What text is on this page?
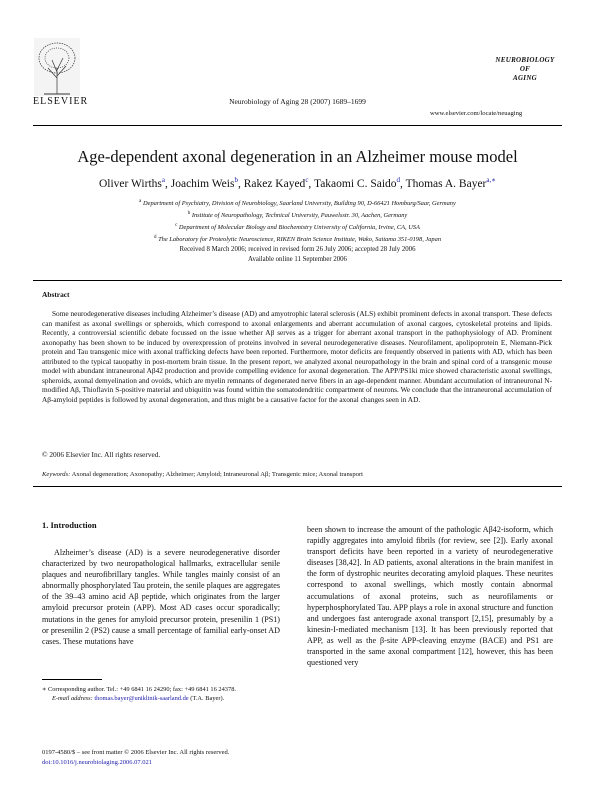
ELSEVIER	Neurobiology of Aging 28 (2007) 1689–1699
NEUROBIOLOGY
OF
AGING
www.elsevier.com/locate/neuaging
Age-dependent axonal degeneration in an Alzheimer mouse model
Oliver Wirths$^a$, Joachim Weis$^b$, Rakez Kayed$^c$, Takaomi C. Saido$^d$, Thomas A. Bayer$^{a,∗}$
$^a$ Department of Psychiatry, Division of Neurobiology, Saarland University, Building 90, D-66421 Homburg/Saar, Germany
$^b$ Institute of Neuropathology, Technical University, Pauwelsstr. 30, Aachen, Germany
$^c$ Department of Molecular Biology and Biochemistry University of California, Irvine, CA, USA
$^d$ The Laboratory for Proteolytic Neuroscience, RIKEN Brain Science Institute, Wako, Saitama 351-0198, Japan
Received 8 March 2006; received in revised form 26 July 2006; accepted 28 July 2006
Available online 11 September 2006
Abstract
Some neurodegenerative diseases including Alzheimer’s disease (AD) and amyotrophic lateral sclerosis (ALS) exhibit prominent defects in axonal transport. These defects can manifest as axonal swellings or spheroids, which correspond to axonal enlargements and aberrant accumulation of axonal cargoes, cytoskeletal proteins and lipids. Recently, a controversial scientific debate focussed on the issue whether Aβ serves as a trigger for aberrant axonal transport in the pathophysiology of AD. Prominent axonopathy has been shown to be induced by overexpression of proteins involved in several neurodegenerative diseases. Neurofilament, apolipoprotein E, Niemann-Pick protein and Tau transgenic mice with axonal trafficking defects have been reported. Furthermore, motor deficits are frequently observed in patients with AD, which has been attributed to the typical tauopathy in post-mortem brain tissue. In the present report, we analyzed axonal neuropathology in the brain and spinal cord of a transgenic mouse model with abundant intraneuronal Aβ42 production and provide compelling evidence for axonal degeneration. The APP/PS1ki mice showed characteristic axonal swellings, spheroids, axonal demyelination and ovoids, which are myelin remnants of degenerated nerve fibers in an age-dependent manner. Abundant accumulation of intraneuronal N-modified Aβ, Thioflavin S-positive material and ubiquitin was found within the somatodendritic compartment of neurons. We conclude that the intraneuronal accumulation of Aβ-amyloid peptides is followed by axonal degeneration, and thus might be a causative factor for the axonal changes seen in AD.
© 2006 Elsevier Inc. All rights reserved.
Keywords: Axonal degeneration; Axonopathy; Alzheimer; Amyloid; Intraneuronal Aβ; Transgenic mice; Axonal transport
1. Introduction
Alzheimer’s disease (AD) is a severe neurodegenerative disorder characterized by two neuropathological hallmarks, extracellular senile plaques and neurofibrillary tangles. While tangles mainly consist of an abnormally phosphorylated Tau protein, the senile plaques are aggregates of the 39–43 amino acid Aβ peptide, which originates from the larger amyloid precursor protein (APP). Most AD cases occur sporadically; mutations in the genes for amyloid precursor protein, presenilin 1 (PS1) or presenilin 2 (PS2) cause a small percentage of familial early-onset AD cases. These mutations have
been shown to increase the amount of the pathologic Aβ42-isoform, which rapidly aggregates into amyloid fibrils (for review, see [2]). Early axonal transport deficits have been reported in a variety of neurodegenerative diseases [38,42]. In AD patients, axonal alterations in the brain manifest in the form of dystrophic neurites decorating amyloid plaques. These neurites correspond to axonal swellings, which mostly contain abnormal accumulations of axonal proteins, such as neurofilaments or hyperphosphorylated Tau. APP plays a role in axonal structure and function and undergoes fast anterograde axonal transport [2,15], presumably by a kinesin-I-mediated mechanism [13]. It has been previously reported that APP, as well as the β-site APP-cleaving enzyme (BACE) and PS1 are transported in the same axonal compartment [12], however, this has been questioned very
∗ Corresponding author. Tel.: +49 6841 16 24290; fax: +49 6841 16 24378.
E-mail address: thomas.bayer@uniklinik-saarland.de (T.A. Bayer).
0197-4580/$ – see front matter © 2006 Elsevier Inc. All rights reserved.
doi:10.1016/j.neurobiolaging.2006.07.021
